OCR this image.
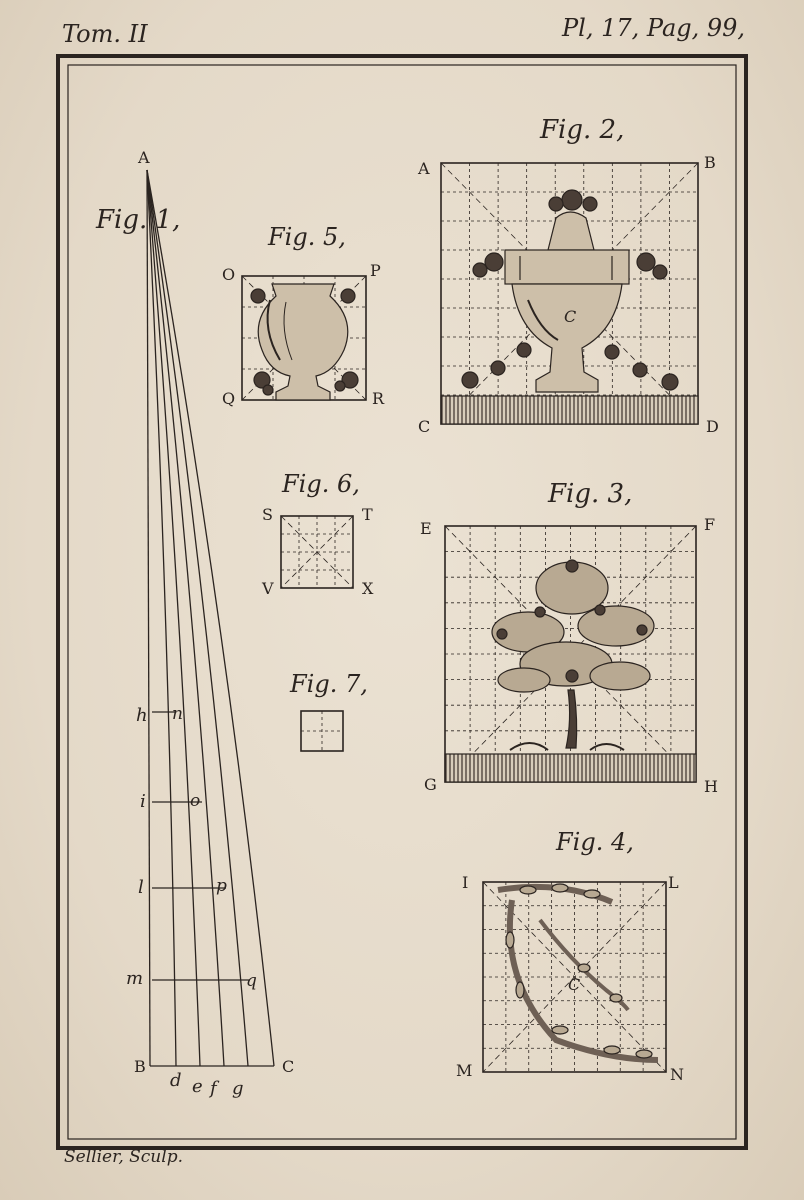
Tom. II	Pl, 17, Pag, 99,
Sellier, Sculp.
Fig. 1,
A
B	C
h
i
l
m
n
o
p
q
d e f g
Fig. 5,
O	P
Q	R
Fig. 6,
S	T
V	X
Fig. 7,
Fig. 2,
C
A	B
C	D
Fig. 3,
E	F
G	H
Fig. 4,
C
I	L
M	N
